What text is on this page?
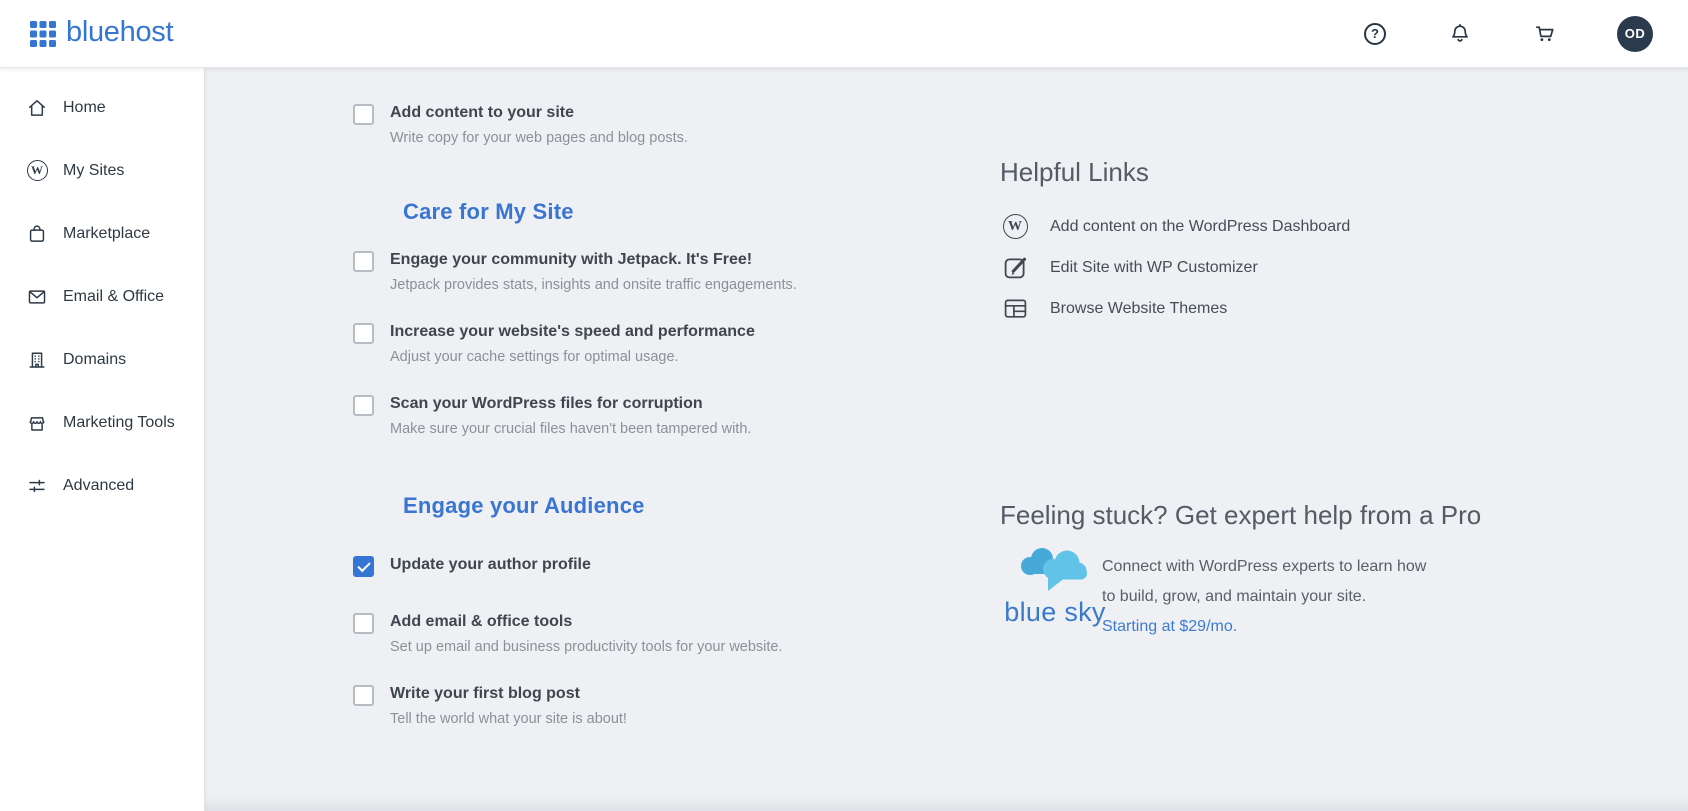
bluehost	?	OD
Home
W My Sites
Marketplace
Email & Office
Domains
Marketing Tools
Advanced
Add content to your site
Write copy for your web pages and blog posts.
Care for My Site
Engage your community with Jetpack. It's Free!
Jetpack provides stats, insights and onsite traffic engagements.
Increase your website's speed and performance
Adjust your cache settings for optimal usage.
Scan your WordPress files for corruption
Make sure your crucial files haven't been tampered with.
Engage your Audience
Update your author profile
Add email & office tools
Set up email and business productivity tools for your website.
Write your first blog post
Tell the world what your site is about!
Helpful Links
W	Add content on the WordPress Dashboard
Edit Site with WP Customizer
Browse Website Themes
Feeling stuck? Get expert help from a Pro
blue sky

Connect with WordPress experts to learn how
to build, grow, and maintain your site.
Starting at $29/mo.
